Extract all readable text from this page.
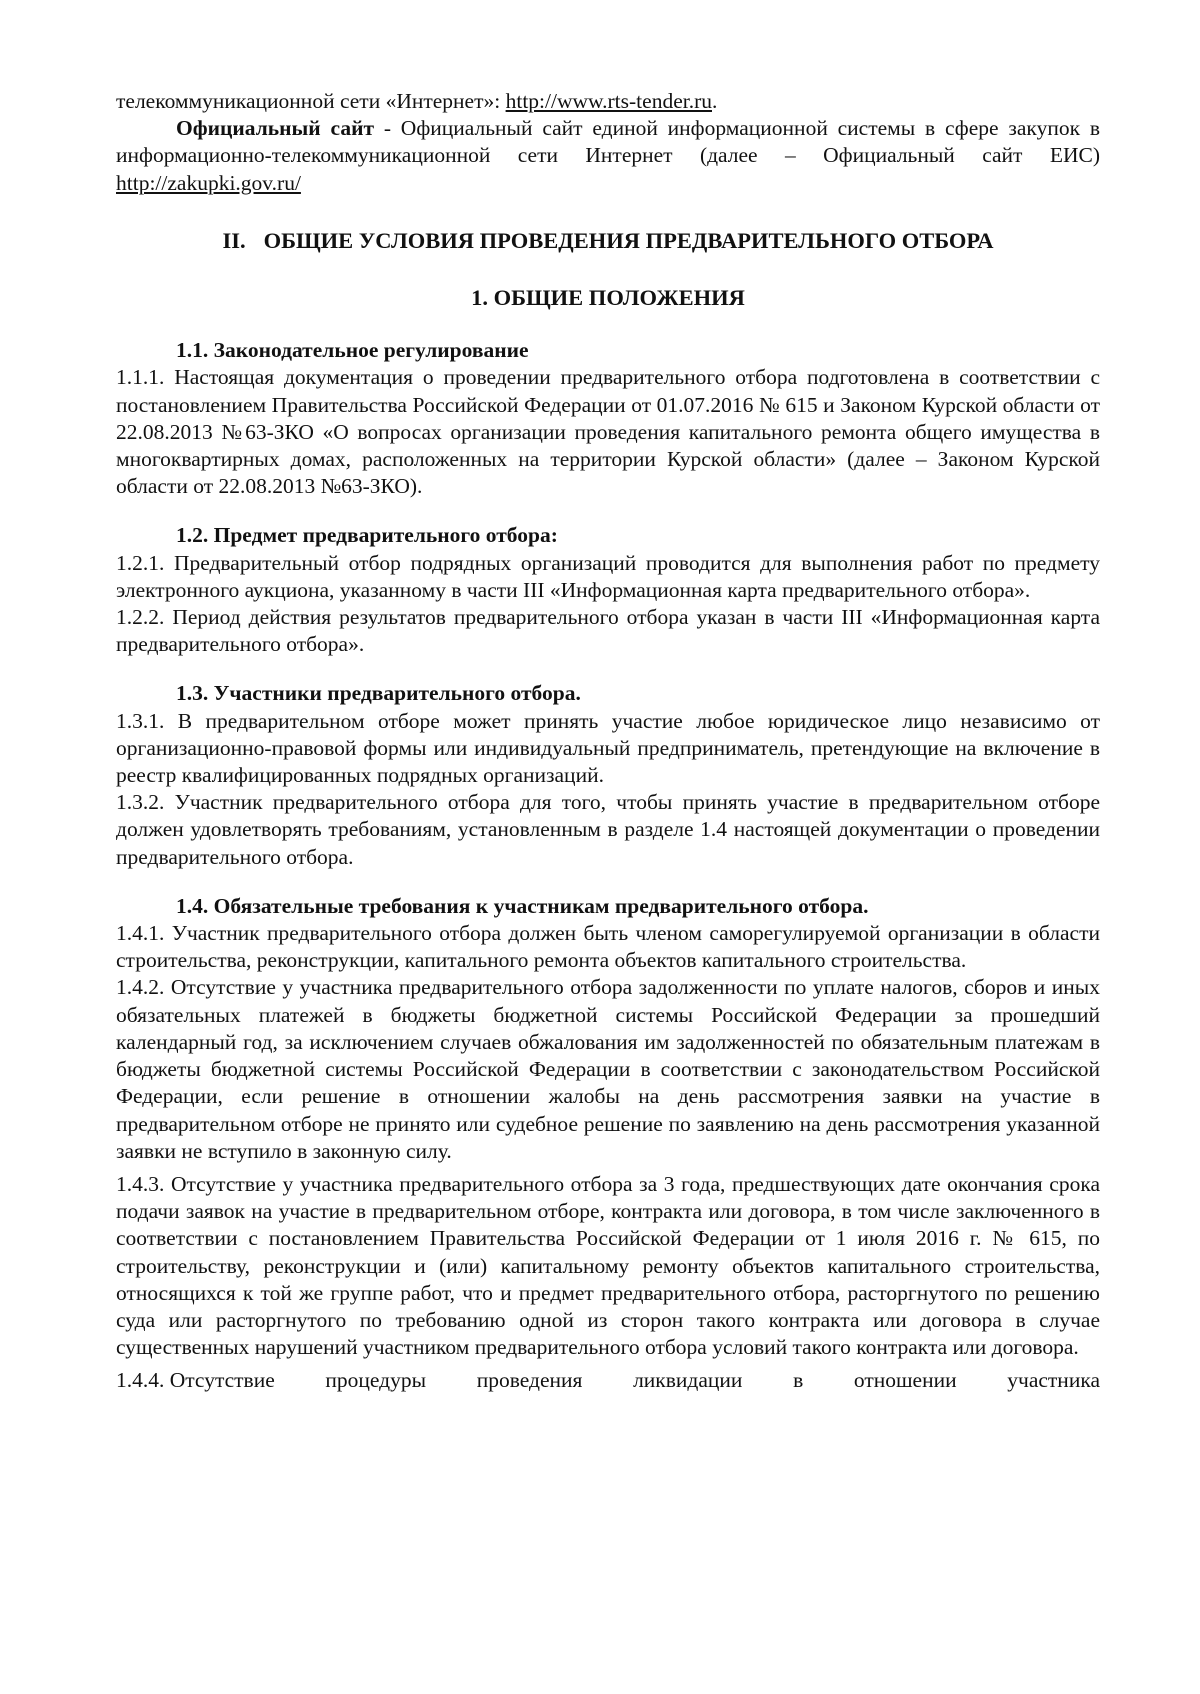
телекоммуникационной сети «Интернет»: http://www.rts-tender.ru.

Официальный сайт - Официальный сайт единой информационной системы в сфере закупок в информационно-телекоммуникационной сети Интернет (далее – Официальный сайт ЕИС) http://zakupki.gov.ru/

II. ОБЩИЕ УСЛОВИЯ ПРОВЕДЕНИЯ ПРЕДВАРИТЕЛЬНОГО ОТБОРА

1. ОБЩИЕ ПОЛОЖЕНИЯ

1.1. Законодательное регулирование

1.1.1. Настоящая документация о проведении предварительного отбора подготовлена в соответствии с постановлением Правительства Российской Федерации от 01.07.2016 № 615 и Законом Курской области от 22.08.2013 №63-ЗКО «О вопросах организации проведения капитального ремонта общего имущества в многоквартирных домах, расположенных на территории Курской области» (далее – Законом Курской области от 22.08.2013 №63-ЗКО).

1.2. Предмет предварительного отбора:

1.2.1. Предварительный отбор подрядных организаций проводится для выполнения работ по предмету электронного аукциона, указанному в части III «Информационная карта предварительного отбора».

1.2.2. Период действия результатов предварительного отбора указан в части III «Информационная карта предварительного отбора».

1.3. Участники предварительного отбора.

1.3.1. В предварительном отборе может принять участие любое юридическое лицо независимо от организационно-правовой формы или индивидуальный предприниматель, претендующие на включение в реестр квалифицированных подрядных организаций.

1.3.2. Участник предварительного отбора для того, чтобы принять участие в предварительном отборе должен удовлетворять требованиям, установленным в разделе 1.4 настоящей документации о проведении предварительного отбора.

1.4. Обязательные требования к участникам предварительного отбора.

1.4.1. Участник предварительного отбора должен быть членом саморегулируемой организации в области строительства, реконструкции, капитального ремонта объектов капитального строительства.

1.4.2. Отсутствие у участника предварительного отбора задолженности по уплате налогов, сборов и иных обязательных платежей в бюджеты бюджетной системы Российской Федерации за прошедший календарный год, за исключением случаев обжалования им задолженностей по обязательным платежам в бюджеты бюджетной системы Российской Федерации в соответствии с законодательством Российской Федерации, если решение в отношении жалобы на день рассмотрения заявки на участие в предварительном отборе не принято или судебное решение по заявлению на день рассмотрения указанной заявки не вступило в законную силу.

1.4.3. Отсутствие у участника предварительного отбора за 3 года, предшествующих дате окончания срока подачи заявок на участие в предварительном отборе, контракта или договора, в том числе заключенного в соответствии с постановлением Правительства Российской Федерации от 1 июля 2016 г. № 615, по строительству, реконструкции и (или) капитальному ремонту объектов капитального строительства, относящихся к той же группе работ, что и предмет предварительного отбора, расторгнутого по решению суда или расторгнутого по требованию одной из сторон такого контракта или договора в случае существенных нарушений участником предварительного отбора условий такого контракта или договора.

1.4.4. Отсутствие процедуры проведения ликвидации в отношении участника
